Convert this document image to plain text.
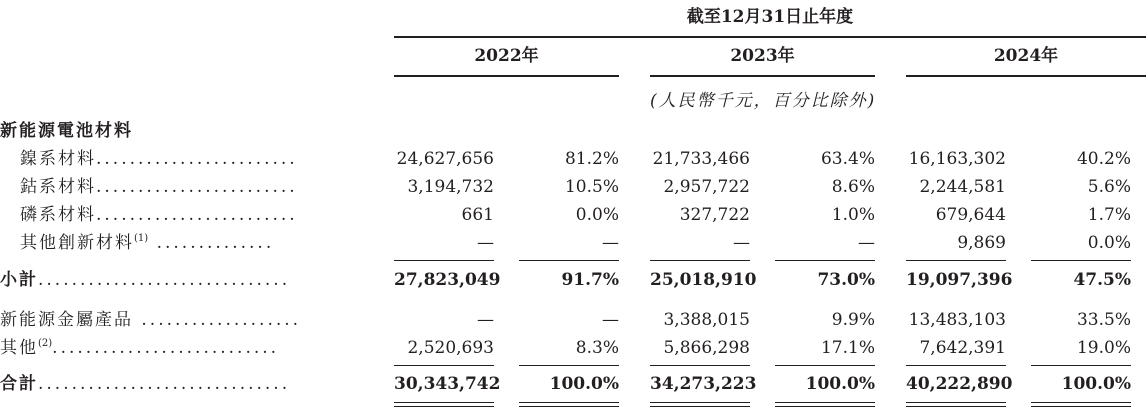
截至12月31日止年度
2022年	2023年	2024年
(人民幣千元，百分比除外)
新能源電池材料
鎳系材料........................	24,627,656	81.2% 21,733,466	63.4% 16,163,302	40.2%
鈷系材料........................	3,194,732	10.5%	2,957,722	8.6%	2,244,581	5.6%
磷系材料........................	661	0.0%	327,722	1.0%	679,644	1.7%
其他創新材料$^{(1)}$ ..............	—	—	—	—	9,869	0.0%
小計..............................	27,823,049	91.7% 25,018,910	73.0% 19,097,396	47.5%
新能源金屬產品 ...................	—	—	3,388,015	9.9% 13,483,103	33.5%
其他$^{(2)}$...........................	2,520,693	8.3%	5,866,298	17.1%	7,642,391	19.0%
合計..............................	30,343,742	100.0% 34,273,223	100.0% 40,222,890	100.0%
